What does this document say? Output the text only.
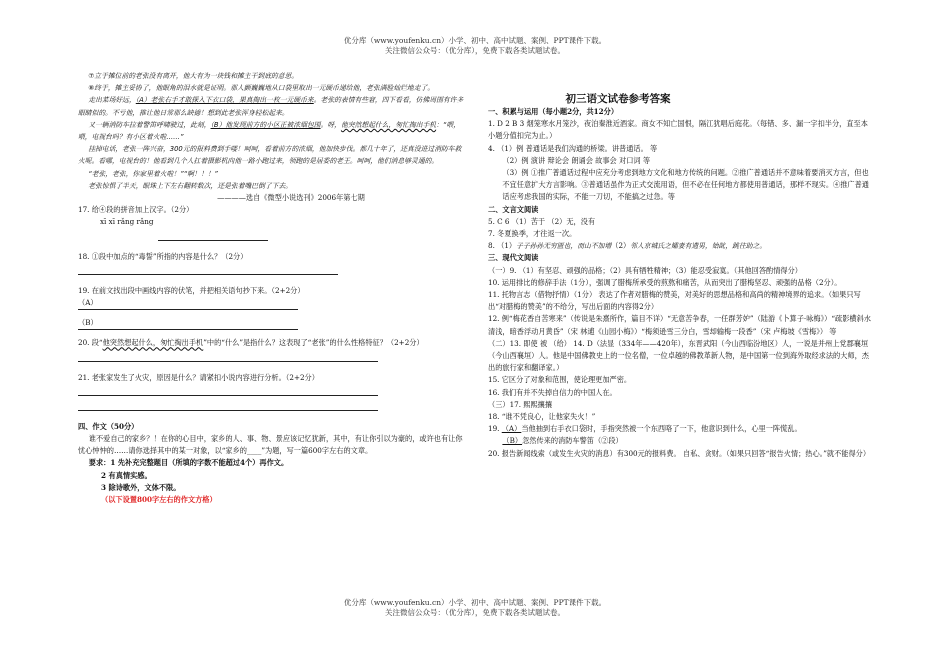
优分库（www.youfenku.cn）小学、初中、高中试题、案例、PPT课件下载。
关注微信公众号：（优分库），免费下载各类试题试卷。

⑦立于摊位前的老张没有离开，他大有为一块钱和摊主干到底的意思。

⑧终于，摊主妥协了，他眼角的泪水就是证明。那人颤巍巍地从口袋里取出一元硬币递给他，老张满脸灿烂地走了。

走出菜场好远，（A）老张右手才敢探入下衣口袋，果真掏出一枚一元硬币来。老张的表情有些窘，四下看看，仿佛周围有许多眼睛似的。不亏他，推让他日常那么缺德！想到此老张浑身轻松起来。

又一辆消防车拉着警笛呼啸驶过，此刻，（B）他发现前方的小区正被浓烟包围。呀，他突然想起什么，匆忙掏出手机：“喂，喂，电视台吗？有小区着火啦……”

挂掉电话，老张一阵兴奋，300元的报料费到手喽！呵呵，看着前方的浓烟，他加快步伐。都几十年了，还真没进过消防车救火呢。看哪，电视台的！他看到几个人扛着摄影机向他一路小跑过来，领跑的是居委的老王。呵呵，他们消息够灵通的。

“老张，老张，你家里着火啦！”“啊！！！”

老张惊惧了半天，眼珠上下左右翻转数次，还是张着嘴巴倒了下去。

————选自《微型小说选刊》2006年第七期

17. 给④段的拼音加上汉字。（2分）

xī xī rǎng rǎng

18. ①段中加点的“毒誓”所指的内容是什么？（2分）

19. 在前文找出段中画线内容的伏笔，并把相关语句抄下来。（2+2分）

（A）

（B）

20. 段“他突然想起什么，匆忙掏出手机”中的“什么”是指什么？这表现了“老张”的什么性格特征？（2+2分）

21. 老张家发生了火灾，原因是什么？请紧扣小说内容进行分析。（2+2分）

四、作文（50分）

谁不爱自己的家乡？！在你的心目中，家乡的人、事、物、景应该记忆犹新，其中，有让你引以为豪的，或许也有让你忧心忡忡的……请你选择其中的某一对象，以“家乡的____”为题，写一篇600字左右的文章。

要求：1 先补充完整题目（所填的字数不能超过4个）再作文。

2 有真情实感。

3 除诗歌外，文体不限。

（以下设置800字左右的作文方格）

初三语文试卷参考答案

一、积累与运用（每小题2分，共12分）

1. D 2 B 3 烟笼寒水月笼沙，夜泊秦淮近酒家。商女不知亡国恨，隔江犹唱后庭花。（每错、多、漏一字扣半分，直至本小题分值扣完为止。）

4. （1）例 普通话是我们沟通的桥梁。讲普通话。 等

（2）例 演讲 辩论会 朗诵会 故事会 对口词 等

（3）例 ①推广普通话过程中应充分考虑到地方文化和地方传统的问题。②推广普通话并不意味着要消灭方言，但也不宜任意扩大方言影响。③普通话虽作为正式交流用语，但不必在任何地方都使用普通话，那样不现实。④推广普通话应考虑我国的实际，不能一刀切，不能搞之过急。等

二、文言文阅读

5. C 6 （1）苦于 （2）无，没有

7. 冬夏换季，才往返一次。

8. （1）子子孙孙无穷匮也，而山不加增（2）邻人京城氏之孀妻有遗男，始龀，跳往助之。

三、现代文阅读

（一）9. （1）有坚忍、顽强的品格；（2）具有牺牲精神；（3）能忍受寂寞。（其他回答酌情得分）

10. 运用排比的修辞手法（1分），强调了腊梅所承受的煎熬和痛苦，从而突出了腊梅坚忍、顽强的品格（2分）。

11. 托物言志（借物抒情）（1分） 表达了作者对腊梅的赞美，对美好的思想品格和高尚的精神境界的追求。（如果只写出“对腊梅的赞美”的不给分，写出后面的内容得2分）

12. 例“梅花香自苦寒来”（传说是朱熹所作，篇目不详）“无意苦争春，一任群芳妒”（陆游《卜算子·咏梅》）“疏影横斜水清浅，暗香浮动月黄昏”（宋 林逋《山园小梅》）“梅须逊雪三分白，雪却输梅一段香”（宋 卢梅坡《雪梅》） 等

（二）13. 即使 被 （给） 14. D（法显（334年——420年），东晋武阳（今山西临汾地区）人，一说是并州上党郡襄垣（今山西襄垣）人。他是中国佛教史上的一位名僧，一位卓越的佛教革新人物，是中国第一位到海外取经求法的大师，杰出的旅行家和翻译家。）

15. 它区分了对象和范围，使论理更加严密。

16. 我们有并不失掉自信力的中国人在。

（三）17. 熙熙攘攘

18. “谁不凭良心，让他家失火！”

19. （A）当他抽到右手衣口袋时，手指突然被一个东西咯了一下，他意识到什么，心里一阵慌乱。

（B）忽然传来的消防车警笛（②段）

20. 报告新闻线索（或发生火灾的消息）有300元的报料费。 自私、贪财。（如果只回答“报告火情；热心。”就不能得分）

优分库（www.youfenku.cn）小学、初中、高中试题、案例、PPT课件下载。
关注微信公众号：（优分库），免费下载各类试题试卷。
